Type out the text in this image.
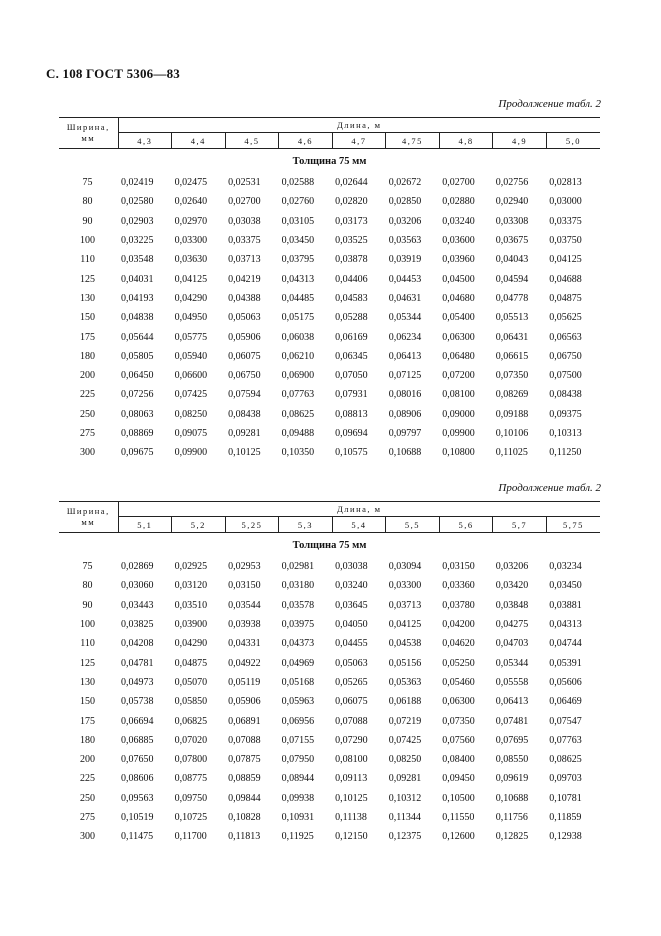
С. 108 ГОСТ 5306—83
Продолжение табл. 2
Ширина,
мм	Длина, м								
	4,3	4,4	4,5	4,6	4,7	4,75	4,8	4,9	5,0
Толщина 75 мм									
75	0,02419	0,02475	0,02531	0,02588	0,02644	0,02672	0,02700	0,02756	0,02813
80	0,02580	0,02640	0,02700	0,02760	0,02820	0,02850	0,02880	0,02940	0,03000
90	0,02903	0,02970	0,03038	0,03105	0,03173	0,03206	0,03240	0,03308	0,03375
100	0,03225	0,03300	0,03375	0,03450	0,03525	0,03563	0,03600	0,03675	0,03750
110	0,03548	0,03630	0,03713	0,03795	0,03878	0,03919	0,03960	0,04043	0,04125
125	0,04031	0,04125	0,04219	0,04313	0,04406	0,04453	0,04500	0,04594	0,04688
130	0,04193	0,04290	0,04388	0,04485	0,04583	0,04631	0,04680	0,04778	0,04875
150	0,04838	0,04950	0,05063	0,05175	0,05288	0,05344	0,05400	0,05513	0,05625
175	0,05644	0,05775	0,05906	0,06038	0,06169	0,06234	0,06300	0,06431	0,06563
180	0,05805	0,05940	0,06075	0,06210	0,06345	0,06413	0,06480	0,06615	0,06750
200	0,06450	0,06600	0,06750	0,06900	0,07050	0,07125	0,07200	0,07350	0,07500
225	0,07256	0,07425	0,07594	0,07763	0,07931	0,08016	0,08100	0,08269	0,08438
250	0,08063	0,08250	0,08438	0,08625	0,08813	0,08906	0,09000	0,09188	0,09375
275	0,08869	0,09075	0,09281	0,09488	0,09694	0,09797	0,09900	0,10106	0,10313
300	0,09675	0,09900	0,10125	0,10350	0,10575	0,10688	0,10800	0,11025	0,11250
Продолжение табл. 2
Ширина,
мм	Длина, м								
	5,1	5,2	5,25	5,3	5,4	5,5	5,6	5,7	5,75
Толщина 75 мм									
75	0,02869	0,02925	0,02953	0,02981	0,03038	0,03094	0,03150	0,03206	0,03234
80	0,03060	0,03120	0,03150	0,03180	0,03240	0,03300	0,03360	0,03420	0,03450
90	0,03443	0,03510	0,03544	0,03578	0,03645	0,03713	0,03780	0,03848	0,03881
100	0,03825	0,03900	0,03938	0,03975	0,04050	0,04125	0,04200	0,04275	0,04313
110	0,04208	0,04290	0,04331	0,04373	0,04455	0,04538	0,04620	0,04703	0,04744
125	0,04781	0,04875	0,04922	0,04969	0,05063	0,05156	0,05250	0,05344	0,05391
130	0,04973	0,05070	0,05119	0,05168	0,05265	0,05363	0,05460	0,05558	0,05606
150	0,05738	0,05850	0,05906	0,05963	0,06075	0,06188	0,06300	0,06413	0,06469
175	0,06694	0,06825	0,06891	0,06956	0,07088	0,07219	0,07350	0,07481	0,07547
180	0,06885	0,07020	0,07088	0,07155	0,07290	0,07425	0,07560	0,07695	0,07763
200	0,07650	0,07800	0,07875	0,07950	0,08100	0,08250	0,08400	0,08550	0,08625
225	0,08606	0,08775	0,08859	0,08944	0,09113	0,09281	0,09450	0,09619	0,09703
250	0,09563	0,09750	0,09844	0,09938	0,10125	0,10312	0,10500	0,10688	0,10781
275	0,10519	0,10725	0,10828	0,10931	0,11138	0,11344	0,11550	0,11756	0,11859
300	0,11475	0,11700	0,11813	0,11925	0,12150	0,12375	0,12600	0,12825	0,12938
